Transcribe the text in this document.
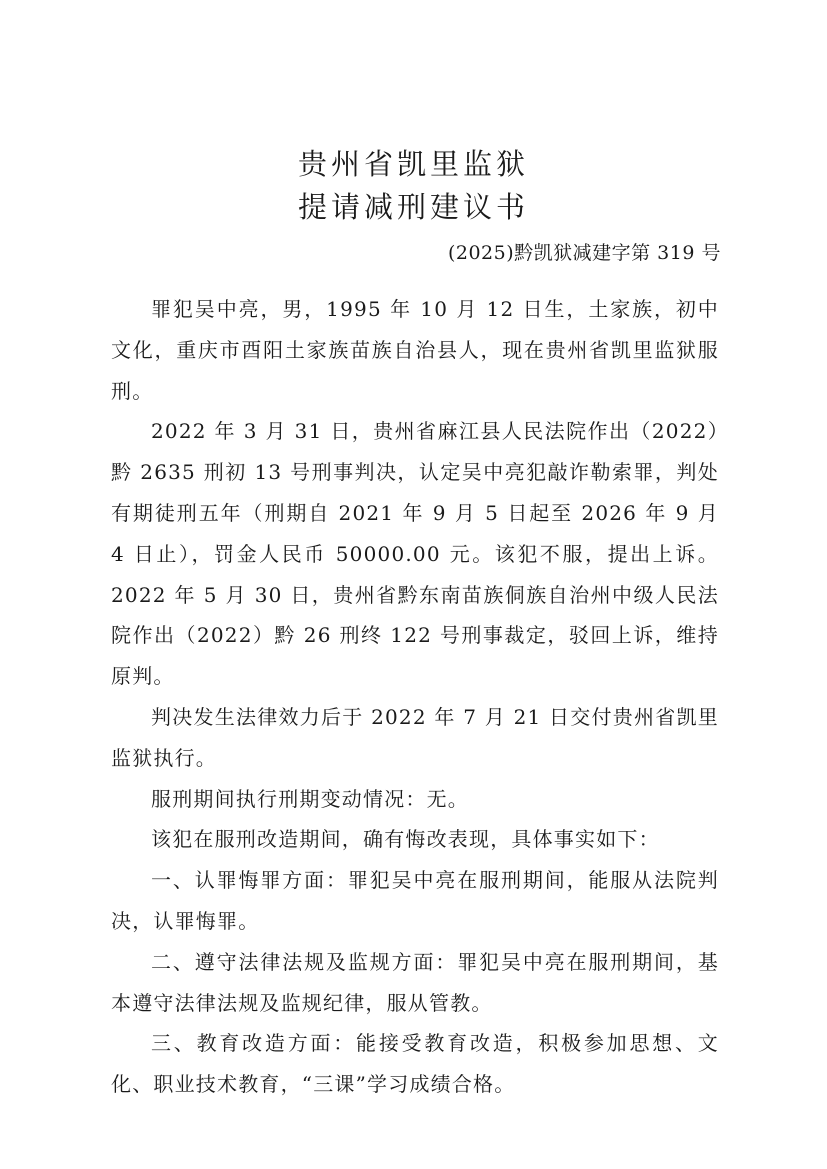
贵州省凯里监狱
提请减刑建议书
(2025)黔凯狱减建字第 319 号

罪犯吴中亮，男，1995 年 10 月 12 日生，土家族，初中文化，重庆市酉阳土家族苗族自治县人，现在贵州省凯里监狱服刑。

2022 年 3 月 31 日，贵州省麻江县人民法院作出（2022）黔 2635 刑初 13 号刑事判决，认定吴中亮犯敲诈勒索罪，判处有期徒刑五年（刑期自 2021 年 9 月 5 日起至 2026 年 9 月 4 日止），罚金人民币 50000.00 元。该犯不服，提出上诉。2022 年 5 月 30 日，贵州省黔东南苗族侗族自治州中级人民法院作出（2022）黔 26 刑终 122 号刑事裁定，驳回上诉，维持原判。

判决发生法律效力后于 2022 年 7 月 21 日交付贵州省凯里监狱执行。

服刑期间执行刑期变动情况：无。

该犯在服刑改造期间，确有悔改表现，具体事实如下：

一、认罪悔罪方面：罪犯吴中亮在服刑期间，能服从法院判决，认罪悔罪。

二、遵守法律法规及监规方面：罪犯吴中亮在服刑期间，基本遵守法律法规及监规纪律，服从管教。

三、教育改造方面：能接受教育改造，积极参加思想、文化、职业技术教育，“三课”学习成绩合格。
